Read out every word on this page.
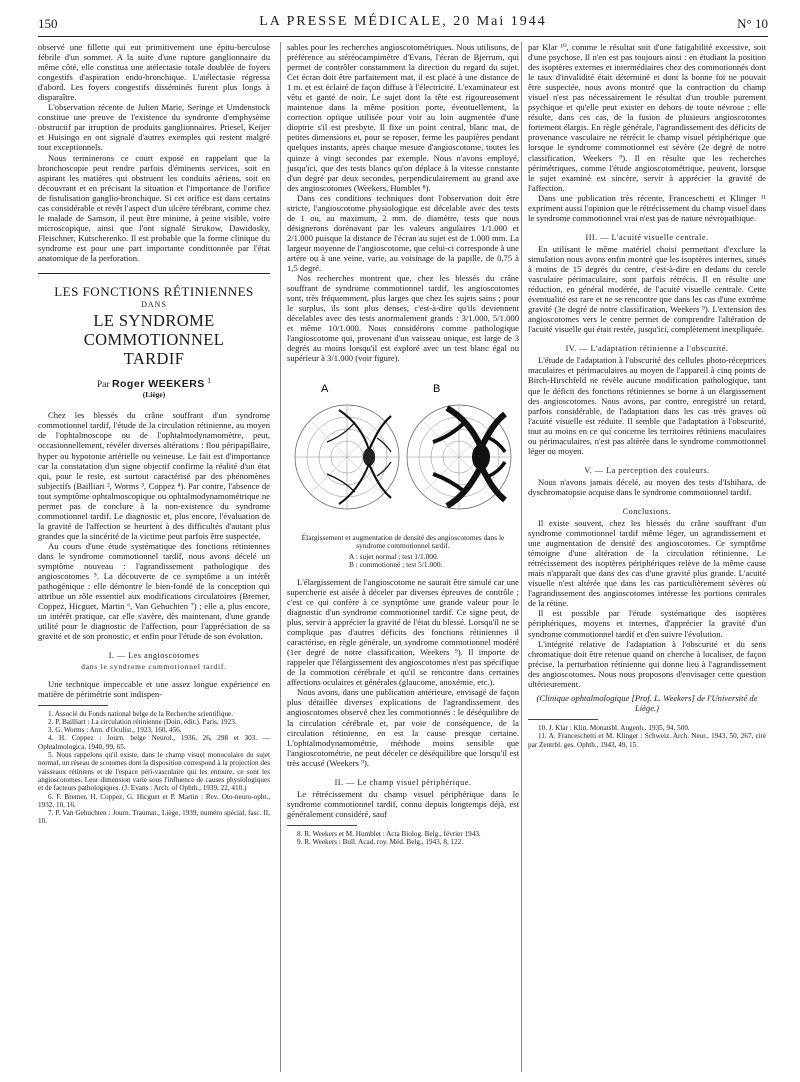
150	LA PRESSE MÉDICALE, 20 Mai 1944	N° 10

observé une fillette qui eut primitivement une épitu-berculose fébrile d'un sommet. A la suite d'une rupture ganglionnaire du même côté, elle constitua une atélectasie totale doublée de foyers congestifs d'aspiration endo-bronchique. L'atélectasie régressa d'abord. Les foyers congestifs disséminés furent plus longs à disparaître.

L'observation récente de Julien Marie, Seringe et Umdenstock constitue une preuve de l'existence du syndrome d'emphysème obstructif par irruption de produits ganglionnaires. Priesel, Keijer et Huisingo en ont signalé d'autres exemples qui restent malgré tout exceptionnels.

Nous terminerons ce court exposé en rappelant que la bronchoscopie peut rendre parfois d'éminents services, soit en aspirant les matières qui obstruent les conduits aériens, soit en découvrant et en précisant la situation et l'importance de l'orifice de fistulisation ganglio-bronchique. Si cet orifice est dans certains cas considérable et revêt l'aspect d'un ulcère térébrant, comme chez le malade de Samson, il peut être minime, à peine visible, voire microscopique, ainsi que l'ont signalé Strukow, Dawidosky, Fleischner, Kutscherenko. Il est probable que la forme clinique du syndrome est pour une part importante conditionnée par l'état anatomique de la perforation.

LES FONCTIONS RÉTINIENNES
DANS
LE SYNDROME COMMOTIONNEL
TARDIF
Par Roger WEEKERS $^1$
(Liège)

Chez les blessés du crâne souffrant d'un syndrome commotionnel tardif, l'étude de la circulation rétinienne, au moyen de l'ophtalmoscope ou de l'ophtalmodynamomètre, peut, occasionnellement, révéler diverses altérations : flou péripapillaire, hyper ou hypotonie artérielle ou veineuse. Le fait est d'importance car la constatation d'un signe objectif confirme la réalité d'un état qui, pour le reste, est surtout caractérisé par des phénomènes subjectifs (Bailliart ², Worms ³, Coppez ⁴). Par contre, l'absence de tout symptôme ophtalmoscopique ou ophtalmodynamométrique ne permet pas de conclure à la non-existence du syndrome commotionnel tardif. Le diagnostic et, plus encore, l'évaluation de la gravité de l'affection se heurtent à des difficultés d'autant plus grandes que la sincérité de la victime peut parfois être suspectée.

Au cours d'une étude systématique des fonctions rétiniennes dans le syndrome commotionnel tardif, nous avons décelé un symptôme nouveau : l'agrandissement pathologique des angioscotomes ⁵. La découverte de ce symptôme a un intérêt pathogénique : elle démontre le bien-fondé de la conception qui attribue un rôle essentiel aux modifications circulatoires (Bremer, Coppez, Hicguet, Martin ⁶, Van Gehuchten ⁷) ; elle a, plus encore, un intérêt pratique, car elle s'avère, dès maintenant, d'une grande utilité pour le diagnostic de l'affection, pour l'appréciation de sa gravité et de son pronostic, et enfin pour l'étude de son évolution.

I. — Les angioscotomes
dans le syndrome commotionnel tardif.

Une technique impeccable et une assez longue expérience en matière de périmétrie sont indispen-

1. Associé du Fonds national belge de la Recherche scientifique.

2. P. Bailliart : La circulation rétinienne (Doin, édit.). Paris, 1923.

3. G. Worms : Ann. d'Oculist., 1923, 160, 456.

4. H. Coppez : Journ. belge Neurol., 1936, 26, 298 et 303. — Ophtalmologica, 1940, 99, 65.

5. Nous rappelons qu'il existe, dans le champ visuel monoculaire du sujet normal, un réseau de scotomes dont la disposition correspond à la projection des vaisseaux rétiniens et de l'espace péri-vasculaire qui les entoure, ce sont les angioscotomes. Leur dimension varie sous l'influence de causes physiologiques et de facteurs pathologiques. (J. Evans : Arch. of Ophth., 1939, 22, 410.)

6. F. Bremer, H. Coppez, G. Hicguet et P. Martin : Rev. Oto-neuro-opht., 1932, 10, 16.

7. P. Van Gehuchten : Journ. Traumat., Liège, 1939, numéro spécial, fasc. II, 10.

sables pour les recherches angioscotométriques. Nous utilisons, de préférence au stéréocampimètre d'Evans, l'écran de Bjerrum, qui permet de contrôler constamment la direction du regard du sujet. Cet écran doit être parfaitement mat, il est placé à une distance de 1 m. et est éclairé de façon diffuse à l'électricité. L'examinateur est vêtu et ganté de noir. Le sujet dont la tête est rigoureusement maintenue dans la même position porte, éventuellement, la correction optique utilisée pour voir au loin augmentée d'une dioptrie s'il est presbyte. Il fixe un point central, blanc mat, de petites dimensions et, pour se reposer, ferme les paupières pendant quelques instants, après chaque mesure d'angioscotome, toutes les quinze à vingt secondes par exemple. Nous n'avons employé, jusqu'ici, que des tests blancs qu'on déplace à la vitesse constante d'un degré par deux secondes, perpendiculairement au grand axe des angioscotomes (Weekers, Humblet ⁸).

Dans ces conditions techniques dont l'observation doit être stricte, l'angioscotome physiologique est décelable avec des tests de 1 ou, au maximum, 2 mm. de diamètre, tests que nous désignerons dorénavant par les valeurs angulaires 1/1.000 et 2/1.000 puisque la distance de l'écran au sujet est de 1.000 mm. La largeur moyenne de l'angioscotome, que celui-ci corresponde à une artère ou à une veine, varie, au voisinage de la papille, de 0,75 à 1,5 degré.

Nos recherches montrent que, chez les blessés du crâne souffrant de syndrome commotionnel tardif, les angioscotomes sont, très fréquemment, plus larges que chez les sujets sains ; pour le surplus, ils sont plus denses, c'est-à-dire qu'ils deviennent décelables avec des tests anormalement grands : 3/1.000, 5/1.000 et même 10/1.000. Nous considérons comme pathologique l'angioscotome qui, provenant d'un vaisseau unique, est large de 3 degrés au moins lorsqu'il est exploré avec un test blanc égal ou supérieur à 3/1.000 (voir figure).

A	B
Élargissement et augmentation de densité des angioscotomes dans le syndrome commotionnel tardif.
A : sujet normal ; test 1/1.000.
B : commotionné ; test 5/1.000.

L'élargissement de l'angioscotome ne saurait être simulé car une supercherie est aisée à déceler par diverses épreuves de contrôle ; c'est ce qui confère à ce symptôme une grande valeur pour le diagnostic d'un syndrome commotionnel tardif. Ce signe peut, de plus, servir à apprécier la gravité de l'état du blessé. Lorsqu'il ne se complique pas d'autres déficits des fonctions rétiniennes il caractérise, en règle générale, un syndrome commotionnel modéré (1er degré de notre classification, Weekers ⁹). Il importe de rappeler que l'élargissement des angioscotomes n'est pas spécifique de la commotion cérébrale et qu'il se rencontre dans certaines affections oculaires et générales (glaucome, anoxémie, etc.).

Nous avons, dans une publication antérieure, envisagé de façon plus détaillée diverses explications de l'agrandissement des angioscotomes observé chez les commotionnés : le déséquilibre de la circulation cérébrale et, par voie de conséquence, de la circulation rétinienne, en est la cause presque certaine. L'ophtalmodynamométrie, méthode moins sensible que l'angioscotométrie, ne peut déceler ce déséquilibre que lorsqu'il est très accusé (Weekers ⁹).

II. — Le champ visuel périphérique.

Le rétrécissement du champ visuel périphérique dans le syndrome commotionnel tardif, connu depuis longtemps déjà, est généralement considéré, sauf

8. R. Weekers et M. Humblet : Acta Biolog. Belg., février 1943.

9. R. Weekers : Bull. Acad. roy. Méd. Belg., 1943, 8, 122.

par Klar ¹⁰, comme le résultat soit d'une fatigabilité excessive, soit d'une psychose. Il n'en est pas toujours ainsi : en étudiant la position des isoptères externes et intermédiaires chez des commotionnés dont le taux d'invalidité était déterminé et dont la bonne foi ne pouvait être suspectée, nous avons montré que la contraction du champ visuel n'est pas nécessairement le résultat d'un trouble purement psychique et qu'elle peut exister en dehors de toute névrose ; elle résulte, dans ces cas, de la fusion de plusieurs angioscotomes fortement élargis. En règle générale, l'agrandissement des déficits de provenance vasculaire ne rétrécit le champ visuel périphérique que lorsque le syndrome commotionnel est sévère (2e degré de notre classification, Weekers ⁹). Il en résulte que les recherches périmétriques, comme l'étude angioscotométrique, peuvent, lorsque le sujet examiné est sincère, servir à apprécier la gravité de l'affection.

Dans une publication très récente, Franceschetti et Klinger ¹¹ expriment aussi l'opinion que le rétrécissement du champ visuel dans le syndrome commotionnel vrai n'est pas de nature névropathique.

III. — L'acuité visuelle centrale.

En utilisant le même matériel choisi permettant d'exclure la simulation nous avons enfin montré que les isoptères internes, situés à moins de 15 degrés du centre, c'est-à-dire en dedans du cercle vasculaire périmaculaire, sont parfois rétrécis. Il en résulte une réduction, en général modérée, de l'acuité visuelle centrale. Cette éventualité est rare et ne se rencontre que dans les cas d'une extrême gravité (3e degré de notre classification, Weekers ⁹). L'extension des angioscotomes vers le centre permet de comprendre l'altération de l'acuité visuelle qui était restée, jusqu'ici, complètement inexpliquée.

IV. — L'adaptation rétinienne a l'obscurité.

L'étude de l'adaptation à l'obscurité des cellules photo-réceptrices maculaires et périmaculaires au moyen de l'appareil à cinq points de Birch-Hirschfeld ne révèle aucune modification pathologique, tant que le déficit des fonctions rétiniennes se borne à un élargissement des angioscotomes. Nous avons, par contre, enregistré un retard, parfois considérable, de l'adaptation dans les cas très graves où l'acuité visuelle est réduite. Il semble que l'adaptation à l'obscurité, tout au moins en ce qui concerne les territoires rétiniens maculaires ou périmaculaires, n'est pas altérée dans le syndrome commotionnel léger ou moyen.

V. — La perception des couleurs.

Nous n'avons jamais décelé, au moyen des tests d'Ishihara, de dyschromatopsie acquise dans le syndrome commotionnel tardif.

Conclusions.

Il existe souvent, chez les blessés du crâne souffrant d'un syndrome commotionnel tardif même léger, un agrandissement et une augmentation de densité des angioscotomes. Ce symptôme témoigne d'une altération de la circulation rétinienne. Le rétrécissement des isoptères périphériques relève de la même cause mais n'apparaît que dans des cas d'une gravité plus grande. L'acuité visuelle n'est altérée que dans les cas particulièrement sévères où l'agrandissement des angioscotomes intéresse les portions centrales de la rétine.

Il est possible par l'étude systématique des isoptères périphériques, moyens et internes, d'apprécier la gravité d'un syndrome commotionnel tardif et d'en suivre l'évolution.

L'intégrité relative de l'adaptation à l'obscurité et du sens chromatique doit être retenue quand on cherche à localiser, de façon précise, la perturbation rétinienne qui donne lieu à l'agrandissement des angioscotomes. Nous nous proposons d'envisager cette question ultérieurement.

(Clinique ophtalmologique [Prof. L. Weekers] de l'Université de Liège.)

10. J. Klar : Klin. Monatsbl. Augenh., 1935, 94, 500.

11. A. Franceschetti et M. Klinger : Schweiz. Arch. Neur., 1943, 50, 267, cité par Zentrbl. ges. Ophth., 1943, 49, 15.
